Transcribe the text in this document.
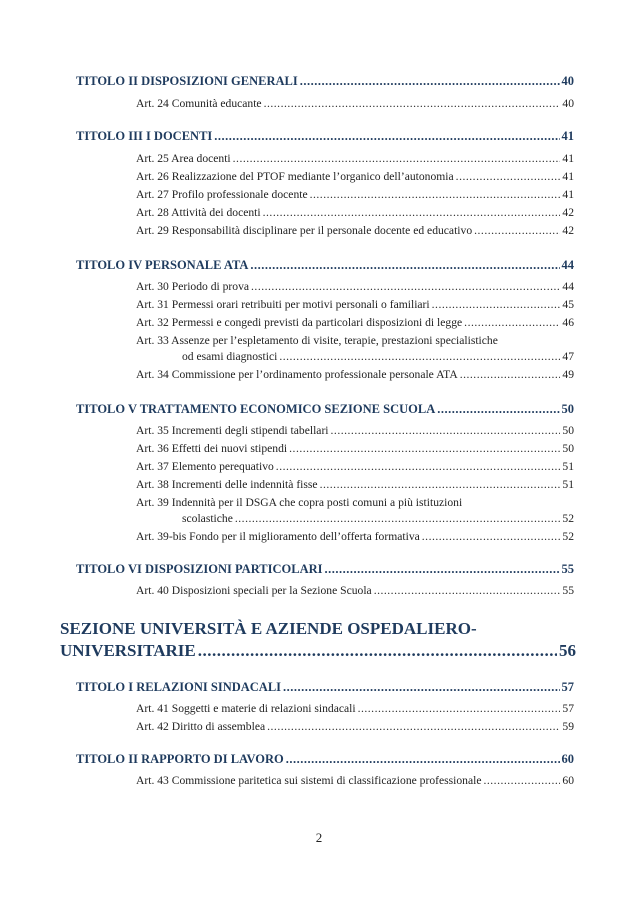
TITOLO II DISPOSIZIONI GENERALI .....	40
Art. 24 Comunità educante .....	40
TITOLO III I DOCENTI .....	41
Art. 25 Area docenti .....	41
Art. 26 Realizzazione del PTOF mediante l’organico dell’autonomia .....	41
Art. 27 Profilo professionale docente .....	41
Art. 28 Attività dei docenti .....	42
Art. 29 Responsabilità disciplinare per il personale docente ed educativo .....	42
TITOLO IV PERSONALE ATA .....	44
Art. 30 Periodo di prova .....	44
Art. 31 Permessi orari retribuiti per motivi personali o familiari .....	45
Art. 32 Permessi e congedi previsti da particolari disposizioni di legge .....	46
Art. 33 Assenze per l’espletamento di visite, terapie, prestazioni specialistiche
od esami diagnostici .....	47
Art. 34 Commissione per l’ordinamento professionale personale ATA .....	49
TITOLO V TRATTAMENTO ECONOMICO SEZIONE SCUOLA .....	50
Art. 35 Incrementi degli stipendi tabellari .....	50
Art. 36 Effetti dei nuovi stipendi .....	50
Art. 37 Elemento perequativo .....	51
Art. 38 Incrementi delle indennità fisse .....	51
Art. 39 Indennità per il DSGA che copra posti comuni a più istituzioni
scolastiche .....	52
Art. 39-bis Fondo per il miglioramento dell’offerta formativa .....	52
TITOLO VI DISPOSIZIONI PARTICOLARI .....	55
Art. 40 Disposizioni speciali per la Sezione Scuola .....	55
SEZIONE UNIVERSITÀ E AZIENDE OSPEDALIERO-
UNIVERSITARIE .....	56
TITOLO I RELAZIONI SINDACALI .....	57
Art. 41 Soggetti e materie di relazioni sindacali .....	57
Art. 42 Diritto di assemblea .....	59
TITOLO II RAPPORTO DI LAVORO .....	60
Art. 43 Commissione paritetica sui sistemi di classificazione professionale .....	60
2
